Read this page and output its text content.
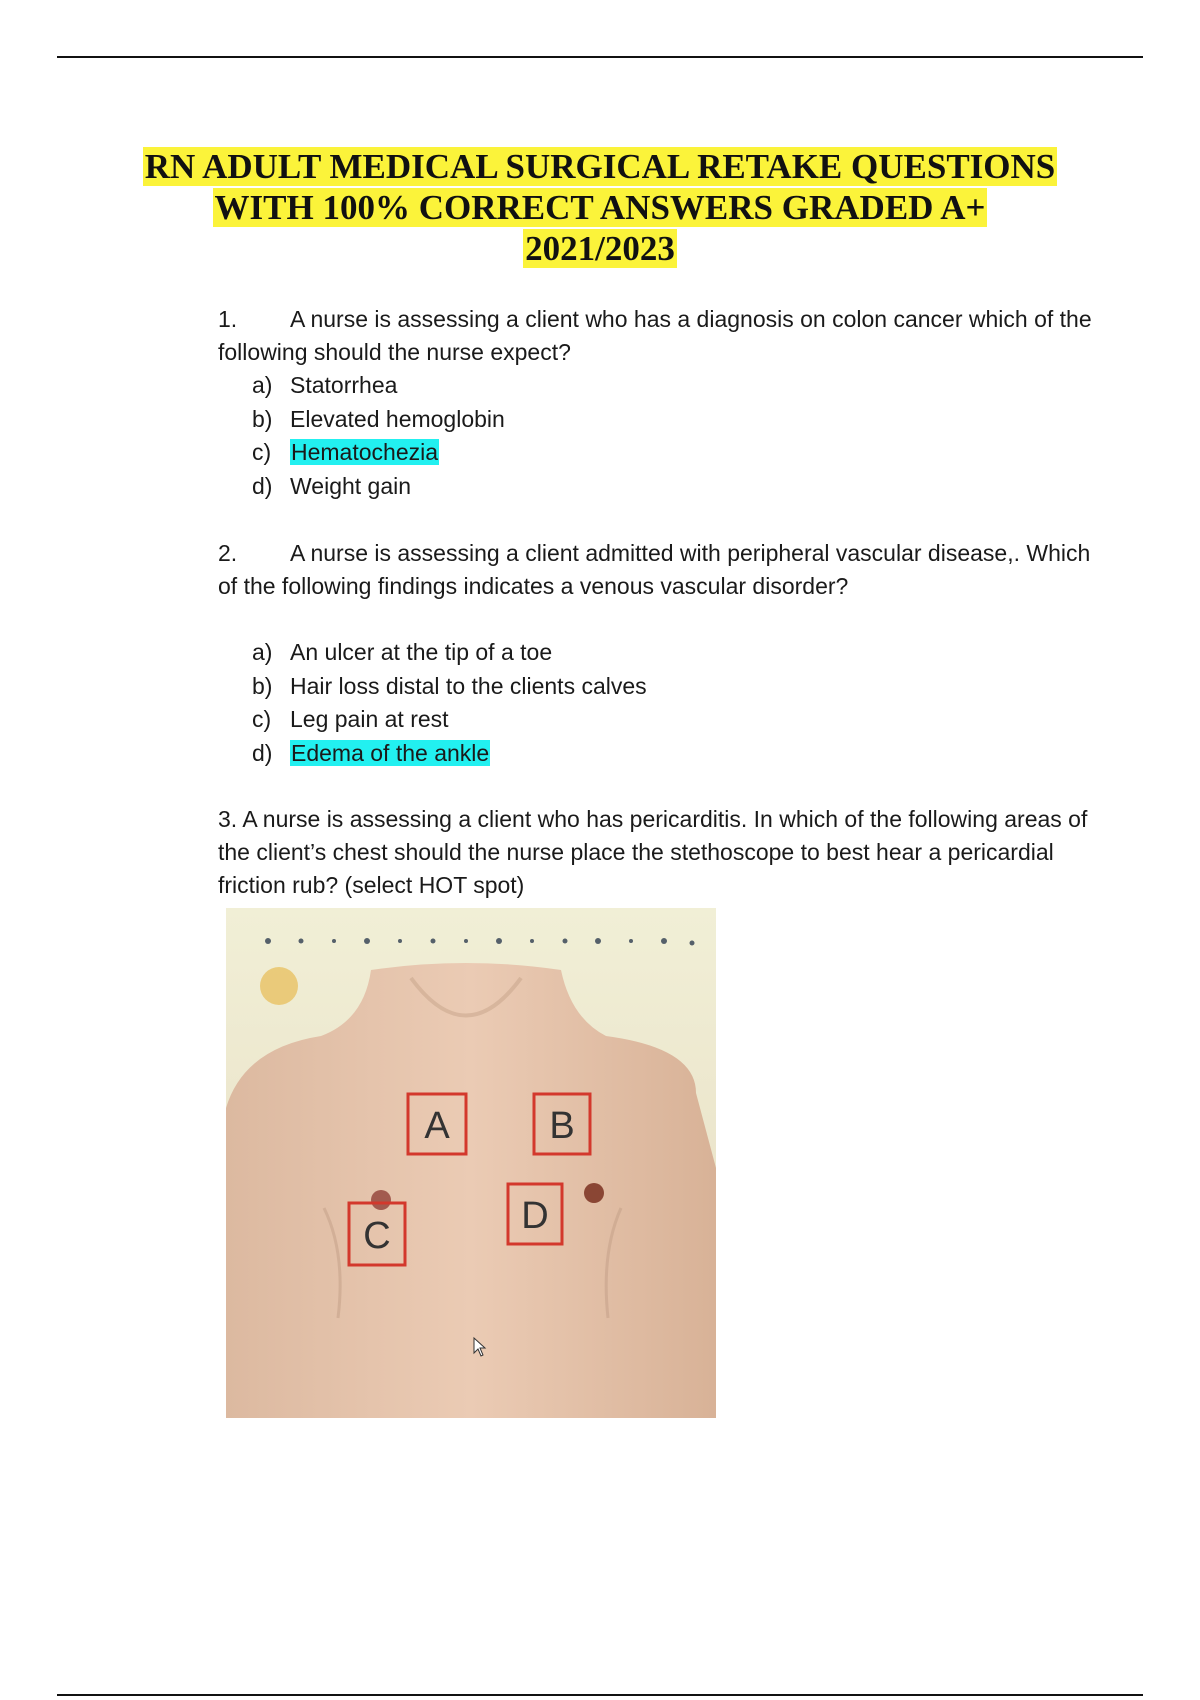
RN ADULT MEDICAL SURGICAL RETAKE QUESTIONS
WITH 100% CORRECT ANSWERS GRADED A+
2021/2023

1. A nurse is assessing a client who has a diagnosis on colon cancer which of the following should the nurse expect?

a) Statorrhea
b) Elevated hemoglobin
c) Hematochezia
d) Weight gain

2. A nurse is assessing a client admitted with peripheral vascular disease,. Which of the following findings indicates a venous vascular disorder?

a) An ulcer at the tip of a toe
b) Hair loss distal to the clients calves
c) Leg pain at rest
d) Edema of the ankle

3. A nurse is assessing a client who has pericarditis. In which of the following areas of the client’s chest should the nurse place the stethoscope to best hear a pericardial friction rub? (select HOT spot)

A	B
C	D
